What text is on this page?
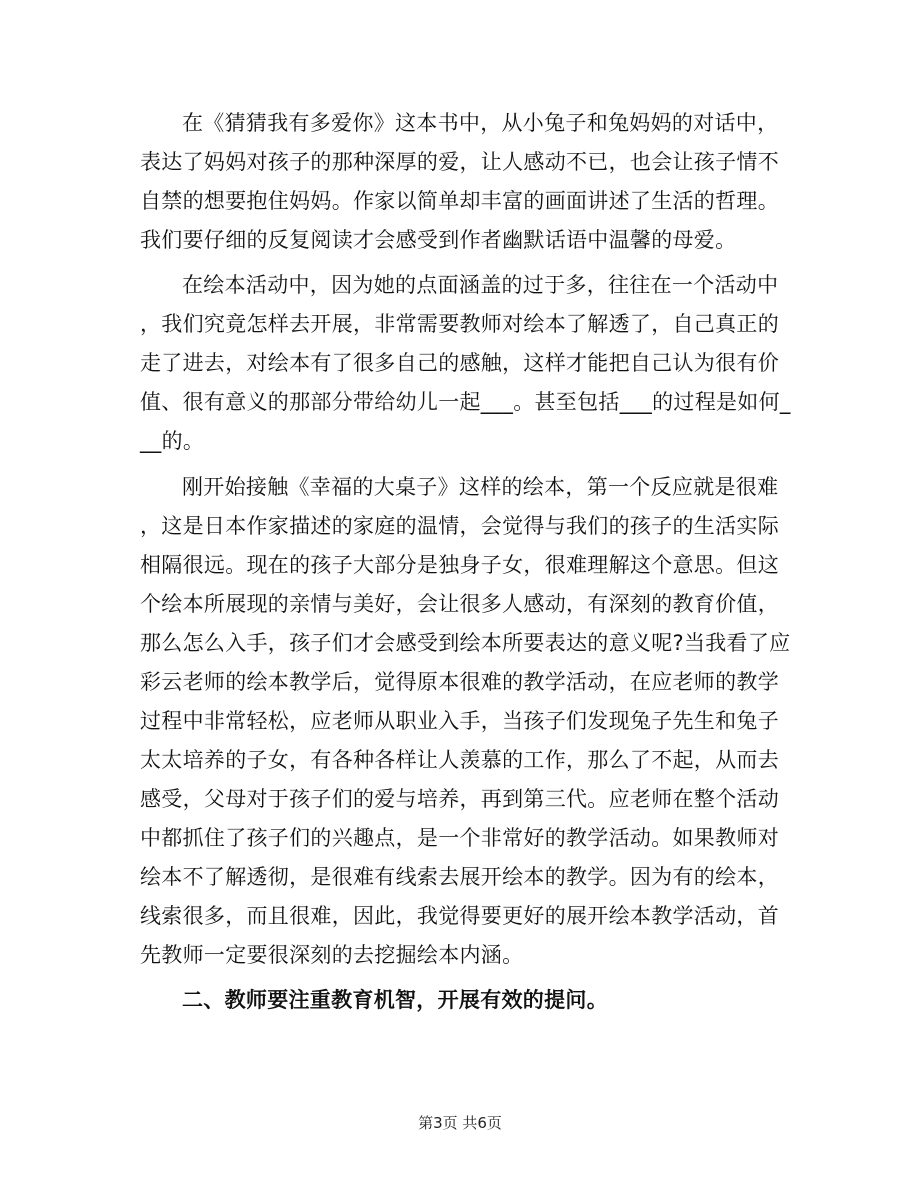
在《猜猜我有多爱你》这本书中，从小兔子和兔妈妈的对话中，
表达了妈妈对孩子的那种深厚的爱，让人感动不已，也会让孩子情不
自禁的想要抱住妈妈。作家以简单却丰富的画面讲述了生活的哲理。
我们要仔细的反复阅读才会感受到作者幽默话语中温馨的母爱。
在绘本活动中，因为她的点面涵盖的过于多，往往在一个活动中
，我们究竟怎样去开展，非常需要教师对绘本了解透了，自己真正的
走了进去，对绘本有了很多自己的感触，这样才能把自己认为很有价
值、很有意义的那部分带给幼儿一起___。甚至包括___的过程是如何_
__的。
刚开始接触《幸福的大桌子》这样的绘本，第一个反应就是很难
，这是日本作家描述的家庭的温情，会觉得与我们的孩子的生活实际
相隔很远。现在的孩子大部分是独身子女，很难理解这个意思。但这
个绘本所展现的亲情与美好，会让很多人感动，有深刻的教育价值，
那么怎么入手，孩子们才会感受到绘本所要表达的意义呢?当我看了应
彩云老师的绘本教学后，觉得原本很难的教学活动，在应老师的教学
过程中非常轻松，应老师从职业入手，当孩子们发现兔子先生和兔子
太太培养的子女，有各种各样让人羡慕的工作，那么了不起，从而去
感受，父母对于孩子们的爱与培养，再到第三代。应老师在整个活动
中都抓住了孩子们的兴趣点，是一个非常好的教学活动。如果教师对
绘本不了解透彻，是很难有线索去展开绘本的教学。因为有的绘本，
线索很多，而且很难，因此，我觉得要更好的展开绘本教学活动，首
先教师一定要很深刻的去挖掘绘本内涵。
二、教师要注重教育机智，开展有效的提问。
第3页 共6页
